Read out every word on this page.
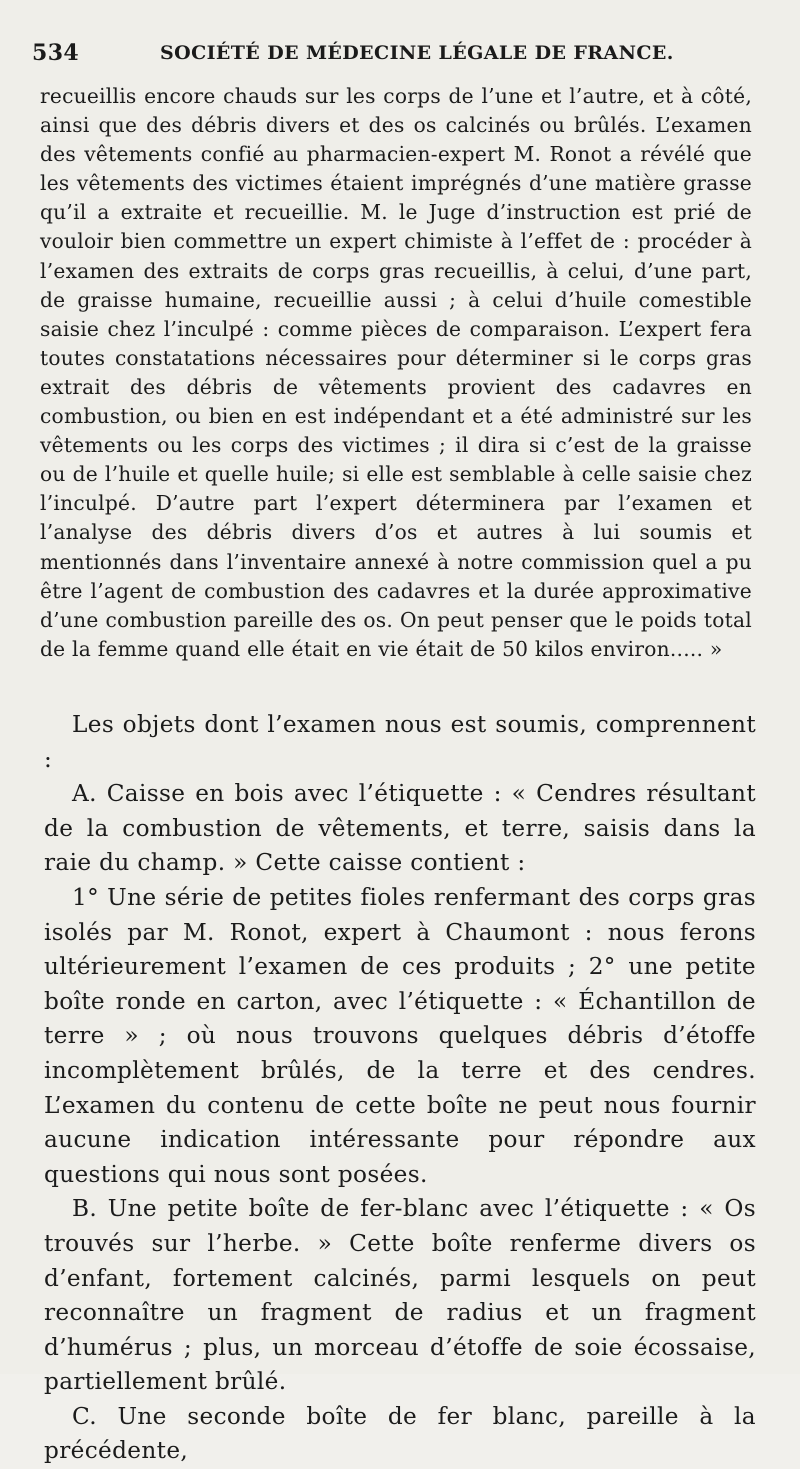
534	SOCIÉTÉ DE MÉDECINE LÉGALE DE FRANCE.

recueillis encore chauds sur les corps de l’une et l’autre, et à côté, ainsi que des débris divers et des os calcinés ou brûlés. L’examen des vêtements confié au pharmacien-expert M. Ronot a révélé que les vêtements des victimes étaient imprégnés d’une matière grasse qu’il a extraite et recueillie. M. le Juge d’instruction est prié de vouloir bien commettre un expert chimiste à l’effet de : procéder à l’examen des extraits de corps gras recueillis, à celui, d’une part, de graisse humaine, recueillie aussi ; à celui d’huile comestible saisie chez l’inculpé : comme pièces de comparaison. L’expert fera toutes constatations nécessaires pour déterminer si le corps gras extrait des débris de vêtements provient des cadavres en combustion, ou bien en est indépendant et a été administré sur les vêtements ou les corps des victimes ; il dira si c’est de la graisse ou de l’huile et quelle huile; si elle est semblable à celle saisie chez l’inculpé. D’autre part l’expert déterminera par l’examen et l’analyse des débris divers d’os et autres à lui soumis et mentionnés dans l’inventaire annexé à notre commission quel a pu être l’agent de combustion des cadavres et la durée approximative d’une combustion pareille des os. On peut penser que le poids total de la femme quand elle était en vie était de 50 kilos environ..... »

Les objets dont l’examen nous est soumis, comprennent :

A. Caisse en bois avec l’étiquette : « Cendres résultant de la combustion de vêtements, et terre, saisis dans la raie du champ. » Cette caisse contient :

1° Une série de petites fioles renfermant des corps gras isolés par M. Ronot, expert à Chaumont : nous ferons ultérieurement l’examen de ces produits ; 2° une petite boîte ronde en carton, avec l’étiquette : « Échantillon de terre » ; où nous trouvons quelques débris d’étoffe incomplètement brûlés, de la terre et des cendres. L’examen du contenu de cette boîte ne peut nous fournir aucune indication intéressante pour répondre aux questions qui nous sont posées.

B. Une petite boîte de fer-blanc avec l’étiquette : « Os trouvés sur l’herbe. » Cette boîte renferme divers os d’enfant, fortement calcinés, parmi lesquels on peut reconnaître un fragment de radius et un fragment d’humérus ; plus, un morceau d’étoffe de soie écossaise, partiellement brûlé.

C. Une seconde boîte de fer blanc, pareille à la précédente,
